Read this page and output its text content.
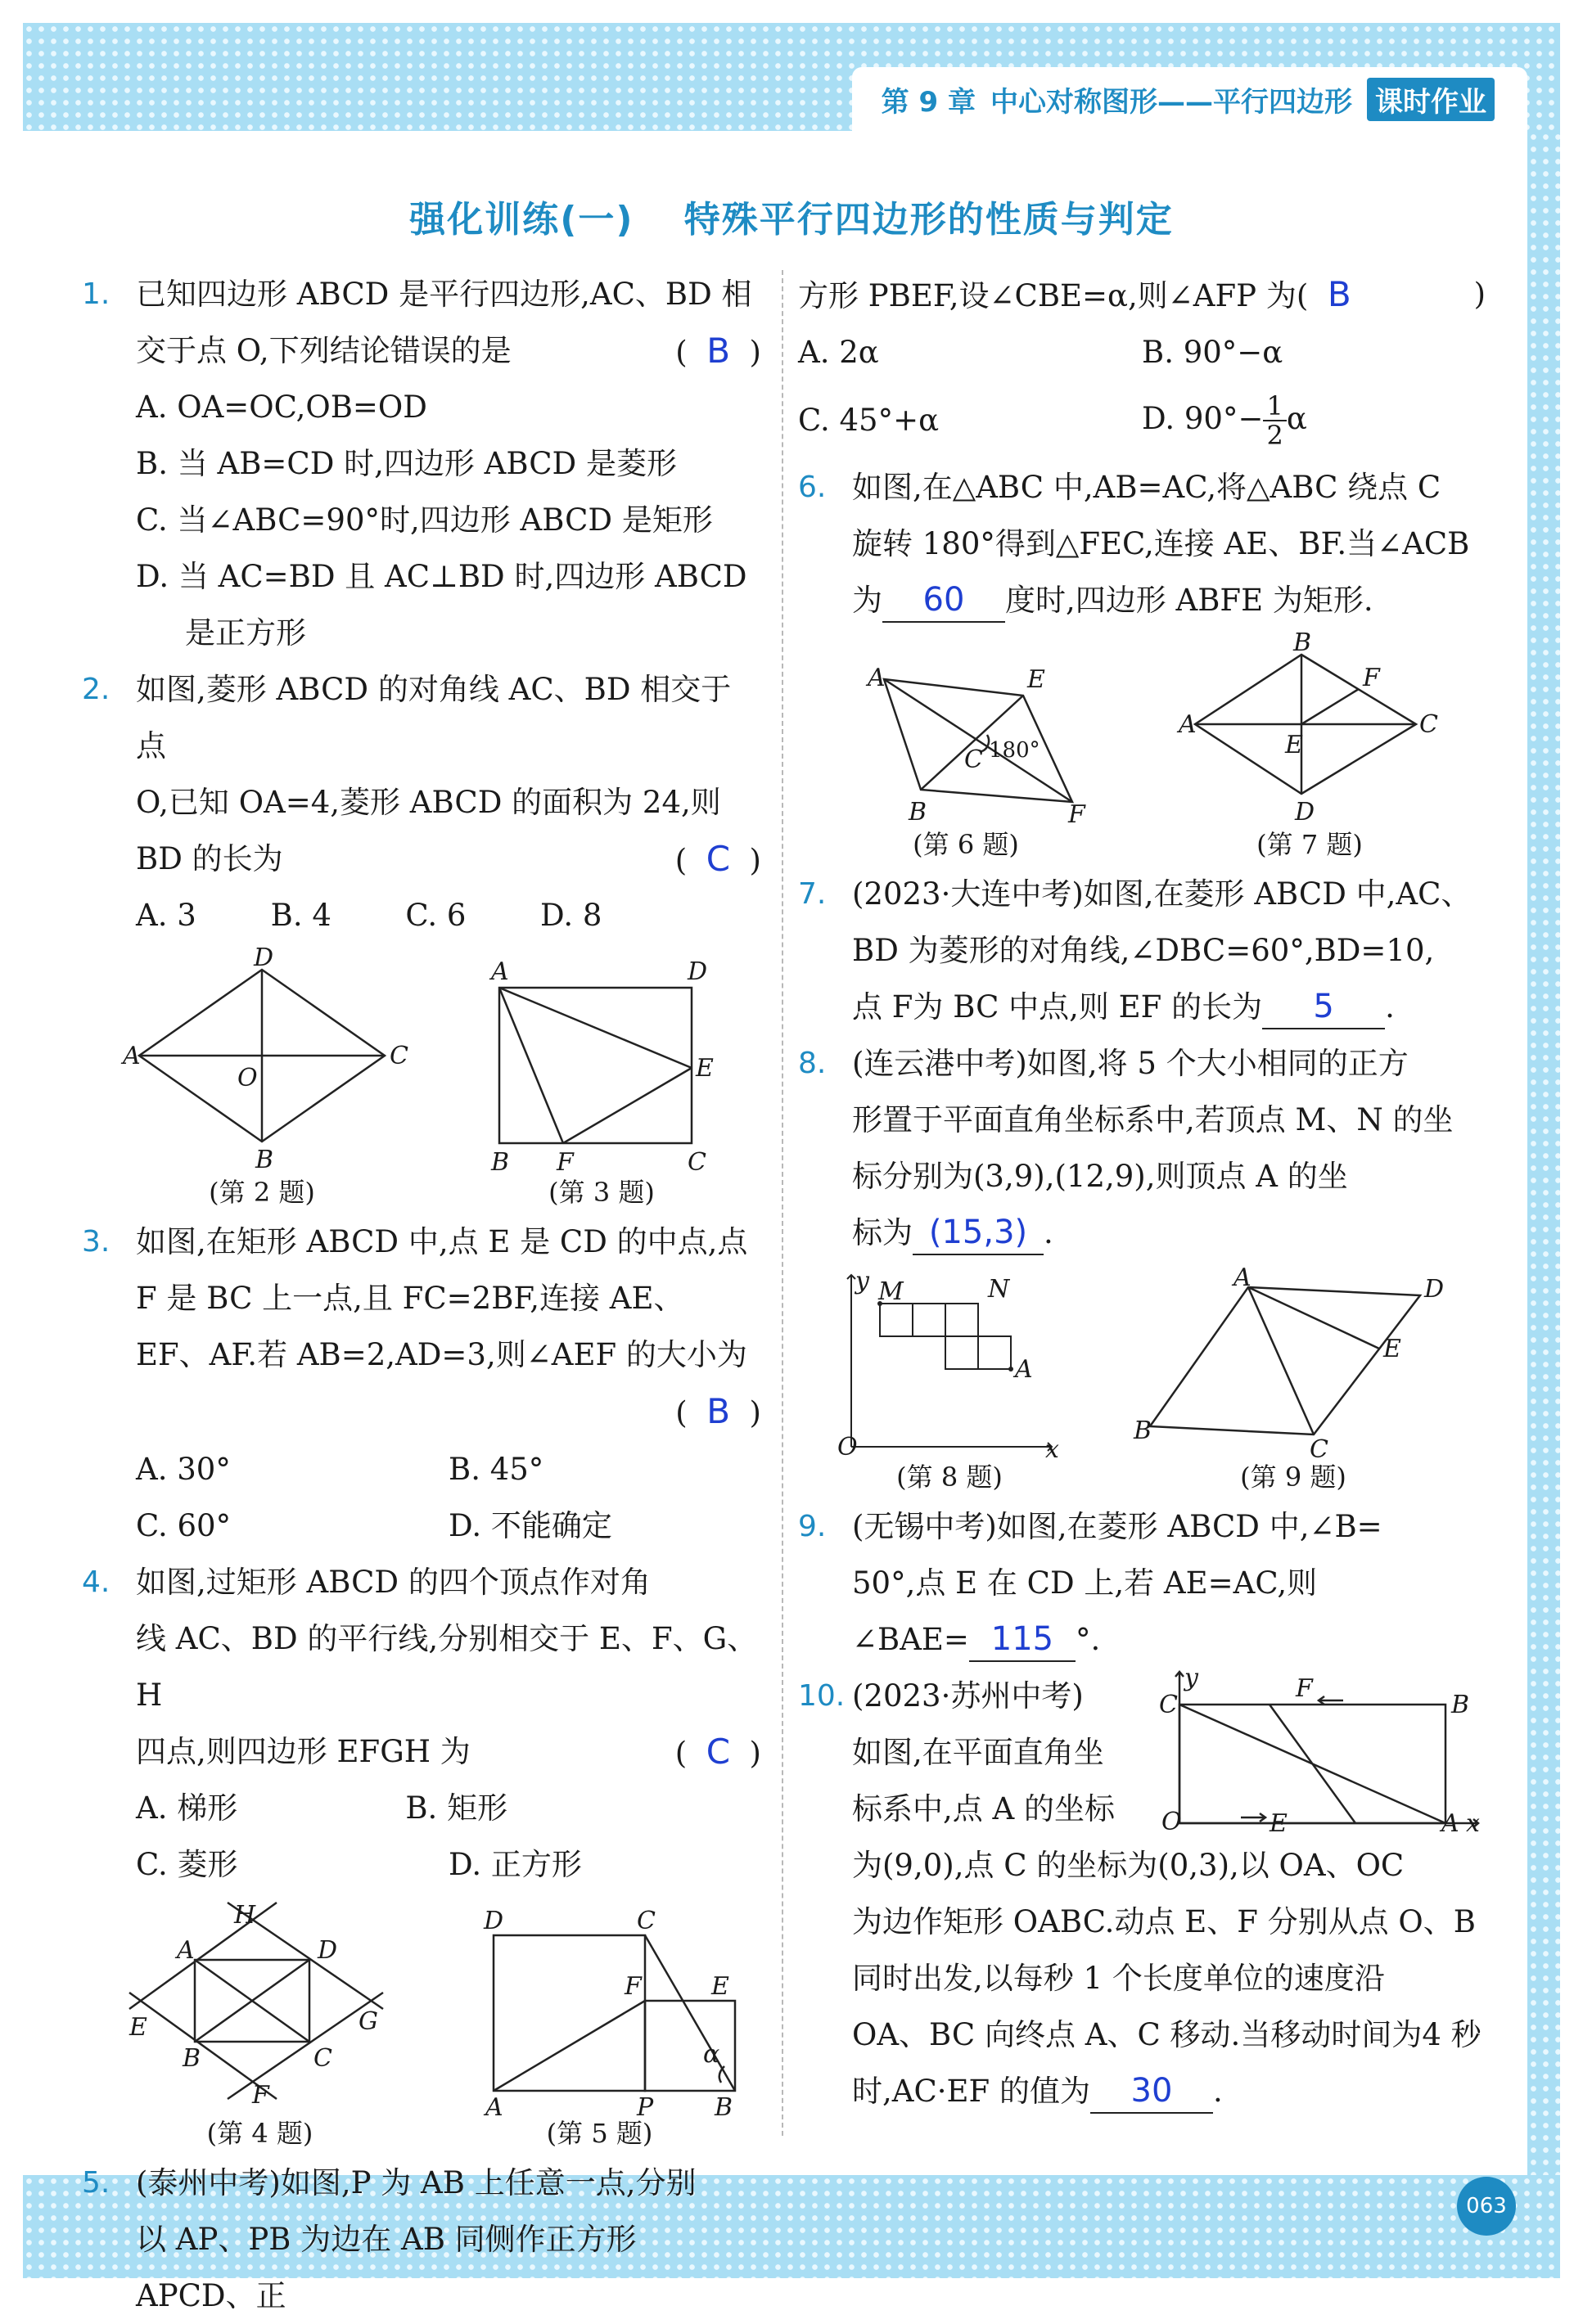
第 9 章 中心对称图形——平行四边形 课时作业
强化训练(一) 特殊平行四边形的性质与判定
1. 已知四边形 ABCD 是平行四边形,AC、BD 相
交于点 O,下列结论错误的是	(  B  )
A. OA=OC,OB=OD
B. 当 AB=CD 时,四边形 ABCD 是菱形
C. 当∠ABC=90°时,四边形 ABCD 是矩形
D. 当 AC=BD 且 AC⊥BD 时,四边形 ABCD
是正方形
2. 如图,菱形 ABCD 的对角线 AC、BD 相交于点
O,已知 OA=4,菱形 ABCD 的面积为 24,则
BD 的长为	(  C  )
A. 3	B. 4	C. 6	D. 8
D
A	C
B
O
(第 2 题)
A	D
E
B F	C
(第 3 题)
3. 如图,在矩形 ABCD 中,点 E 是 CD 的中点,点
F 是 BC 上一点,且 FC=2BF,连接 AE、
EF、AF.若 AB=2,AD=3,则∠AEF 的大小为
(  B  )
A. 30°	B. 45°
C. 60°	D. 不能确定
4. 如图,过矩形 ABCD 的四个顶点作对角
线 AC、BD 的平行线,分别相交于 E、F、G、H
四点,则四边形 EFGH 为	(  C  )
A. 梯形	B. 矩形
C. 菱形	D. 正方形
H
A	D
E	G
B	C
F
(第 4 题)
D	C
F	E
α
A	P B
(第 5 题)
5. (泰州中考)如图,P 为 AB 上任意一点,分别
以 AP、PB 为边在 AB 同侧作正方形 APCD、正
方形 PBEF,设∠CBE=α,则∠AFP 为( B	)
A. 2α	B. 90°−α
C. 45°+α	D. $90^\circ- \frac{1}{2}$ α
6. 如图,在△ABC 中,AB=AC,将△ABC 绕点 C
旋转 180°得到△FEC,连接 AE、BF.当∠ACB
为 60 度时,四边形 ABFE 为矩形.
A	E
C 180°
B	F
(第 6 题)
B
F
A	C
E
D
(第 7 题)
7. (2023·大连中考)如图,在菱形 ABCD 中,AC、
BD 为菱形的对角线,∠DBC=60°,BD=10,
点 F为 BC 中点,则 EF 的长为 5 .
8. (连云港中考)如图,将 5 个大小相同的正方
形置于平面直角坐标系中,若顶点 M、N 的坐
标分别为(3,9),(12,9),则顶点 A 的坐
标为 (15,3) .
y M	N
A
O	x
(第 8 题)
A	D
E
B
C
(第 9 题)
9. (无锡中考)如图,在菱形 ABCD 中,∠B=
50°,点 E 在 CD 上,若 AE=AC,则
∠BAE= 115 °.
10. (2023·苏州中考)
如图,在平面直角坐
标系中,点 A 的坐标
y
C
F
B
O	E	A x
为(9,0),点 C 的坐标为(0,3),以 OA、OC
为边作矩形 OABC.动点 E、F 分别从点 O、B
同时出发,以每秒 1 个长度单位的速度沿
OA、BC 向终点 A、C 移动.当移动时间为4 秒
时,AC·EF 的值为 30 .
063
